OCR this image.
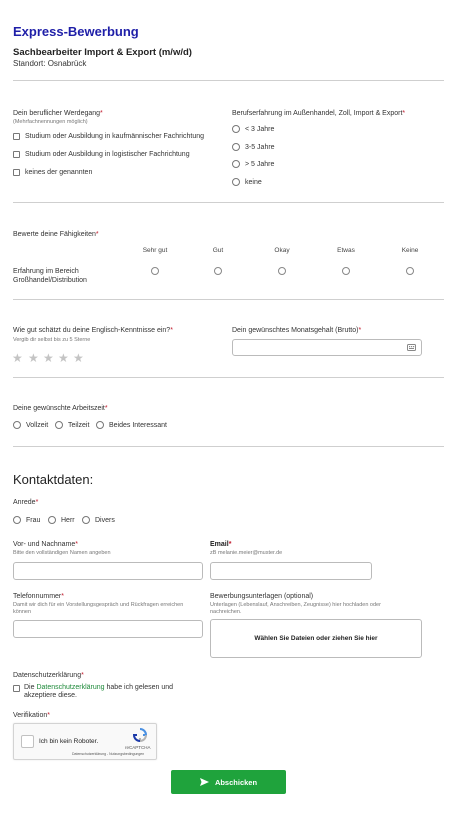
Express-Bewerbung
Sachbearbeiter Import & Export (m/w/d)
Standort: Osnabrück
Dein beruflicher Werdegang*
(Mehrfachnennungen möglich)
Studium oder Ausbildung in kaufmännischer Fachrichtung
Studium oder Ausbildung in logistischer Fachrichtung
keines der genannten
Berufserfahrung im Außenhandel, Zoll, Import & Export*
< 3 Jahre
3-5 Jahre
> 5 Jahre
keine
Bewerte deine Fähigkeiten*
Sehr gut	Gut	Okay	Etwas	Keine
Erfahrung im Bereich
Großhandel/Distribution
Wie gut schätzt du deine Englisch-Kenntnisse ein?*
Vergib dir selbst bis zu 5 Sterne
★ ★ ★ ★ ★
Dein gewünschtes Monatsgehalt (Brutto)*
Deine gewünschte Arbeitszeit*
Vollzeit	Teilzeit	Beides Interessant
Kontaktdaten:
Anrede*
Frau	Herr	Divers
Vor- und Nachname*
Bitte den vollständigen Namen angeben
Email*
zB melanie.meier@muster.de
Telefonnummer*
Damit wir dich für ein Vorstellungsgespräch und Rückfragen erreichen
können
Bewerbungsunterlagen (optional)
Unterlagen (Lebenslauf, Anschreiben, Zeugnisse) hier hochladen oder
nachreichen.
Wählen Sie Dateien oder ziehen Sie hier
Datenschutzerklärung*
Die Datenschutzerklärung habe ich gelesen und
akzeptiere diese.
Verifikation*
Ich bin kein Roboter.
reCAPTCHA
Datenschutzerklärung - Nutzungsbedingungen
Abschicken
